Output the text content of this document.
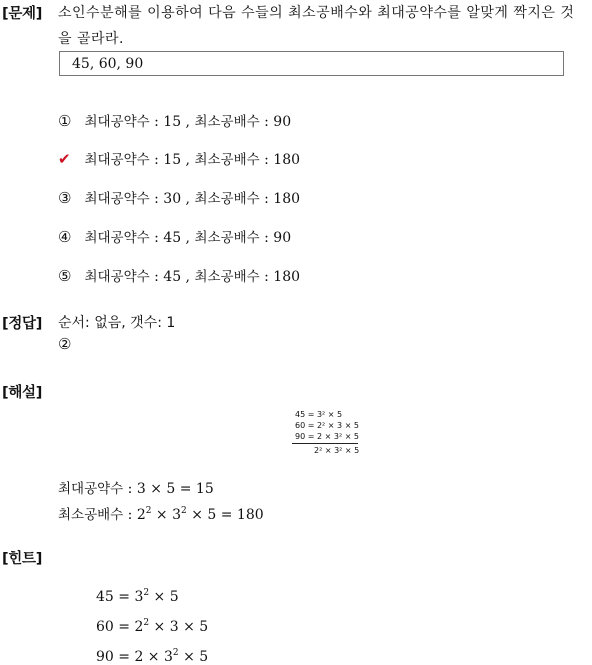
[문제] 소인수분해를 이용하여 다음 수들의 최소공배수와 최대공약수를 알맞게 짝지은 것을 골라라.
45, 60, 90
① 최대공약수 : 15 , 최소공배수 : 90
✔ 최대공약수 : 15 , 최소공배수 : 180
③ 최대공약수 : 30 , 최소공배수 : 180
④ 최대공약수 : 45 , 최소공배수 : 90
⑤ 최대공약수 : 45 , 최소공배수 : 180
[정답] 순서: 없음, 갯수: 1
②
[해설]
45 = 3² × 5
60 = 2² × 3 × 5
90 = 2 × 3² × 5
2² × 3² × 5
최대공약수 : 3 × 5 = 15
최소공배수 : $2^2 \times 3^2 \times 5 = 180$
[힌트]
$45 = 3^2 \times 5$
$60 = 2^2 \times 3 \times 5$
$90 = 2 \times 3^2 \times 5$
